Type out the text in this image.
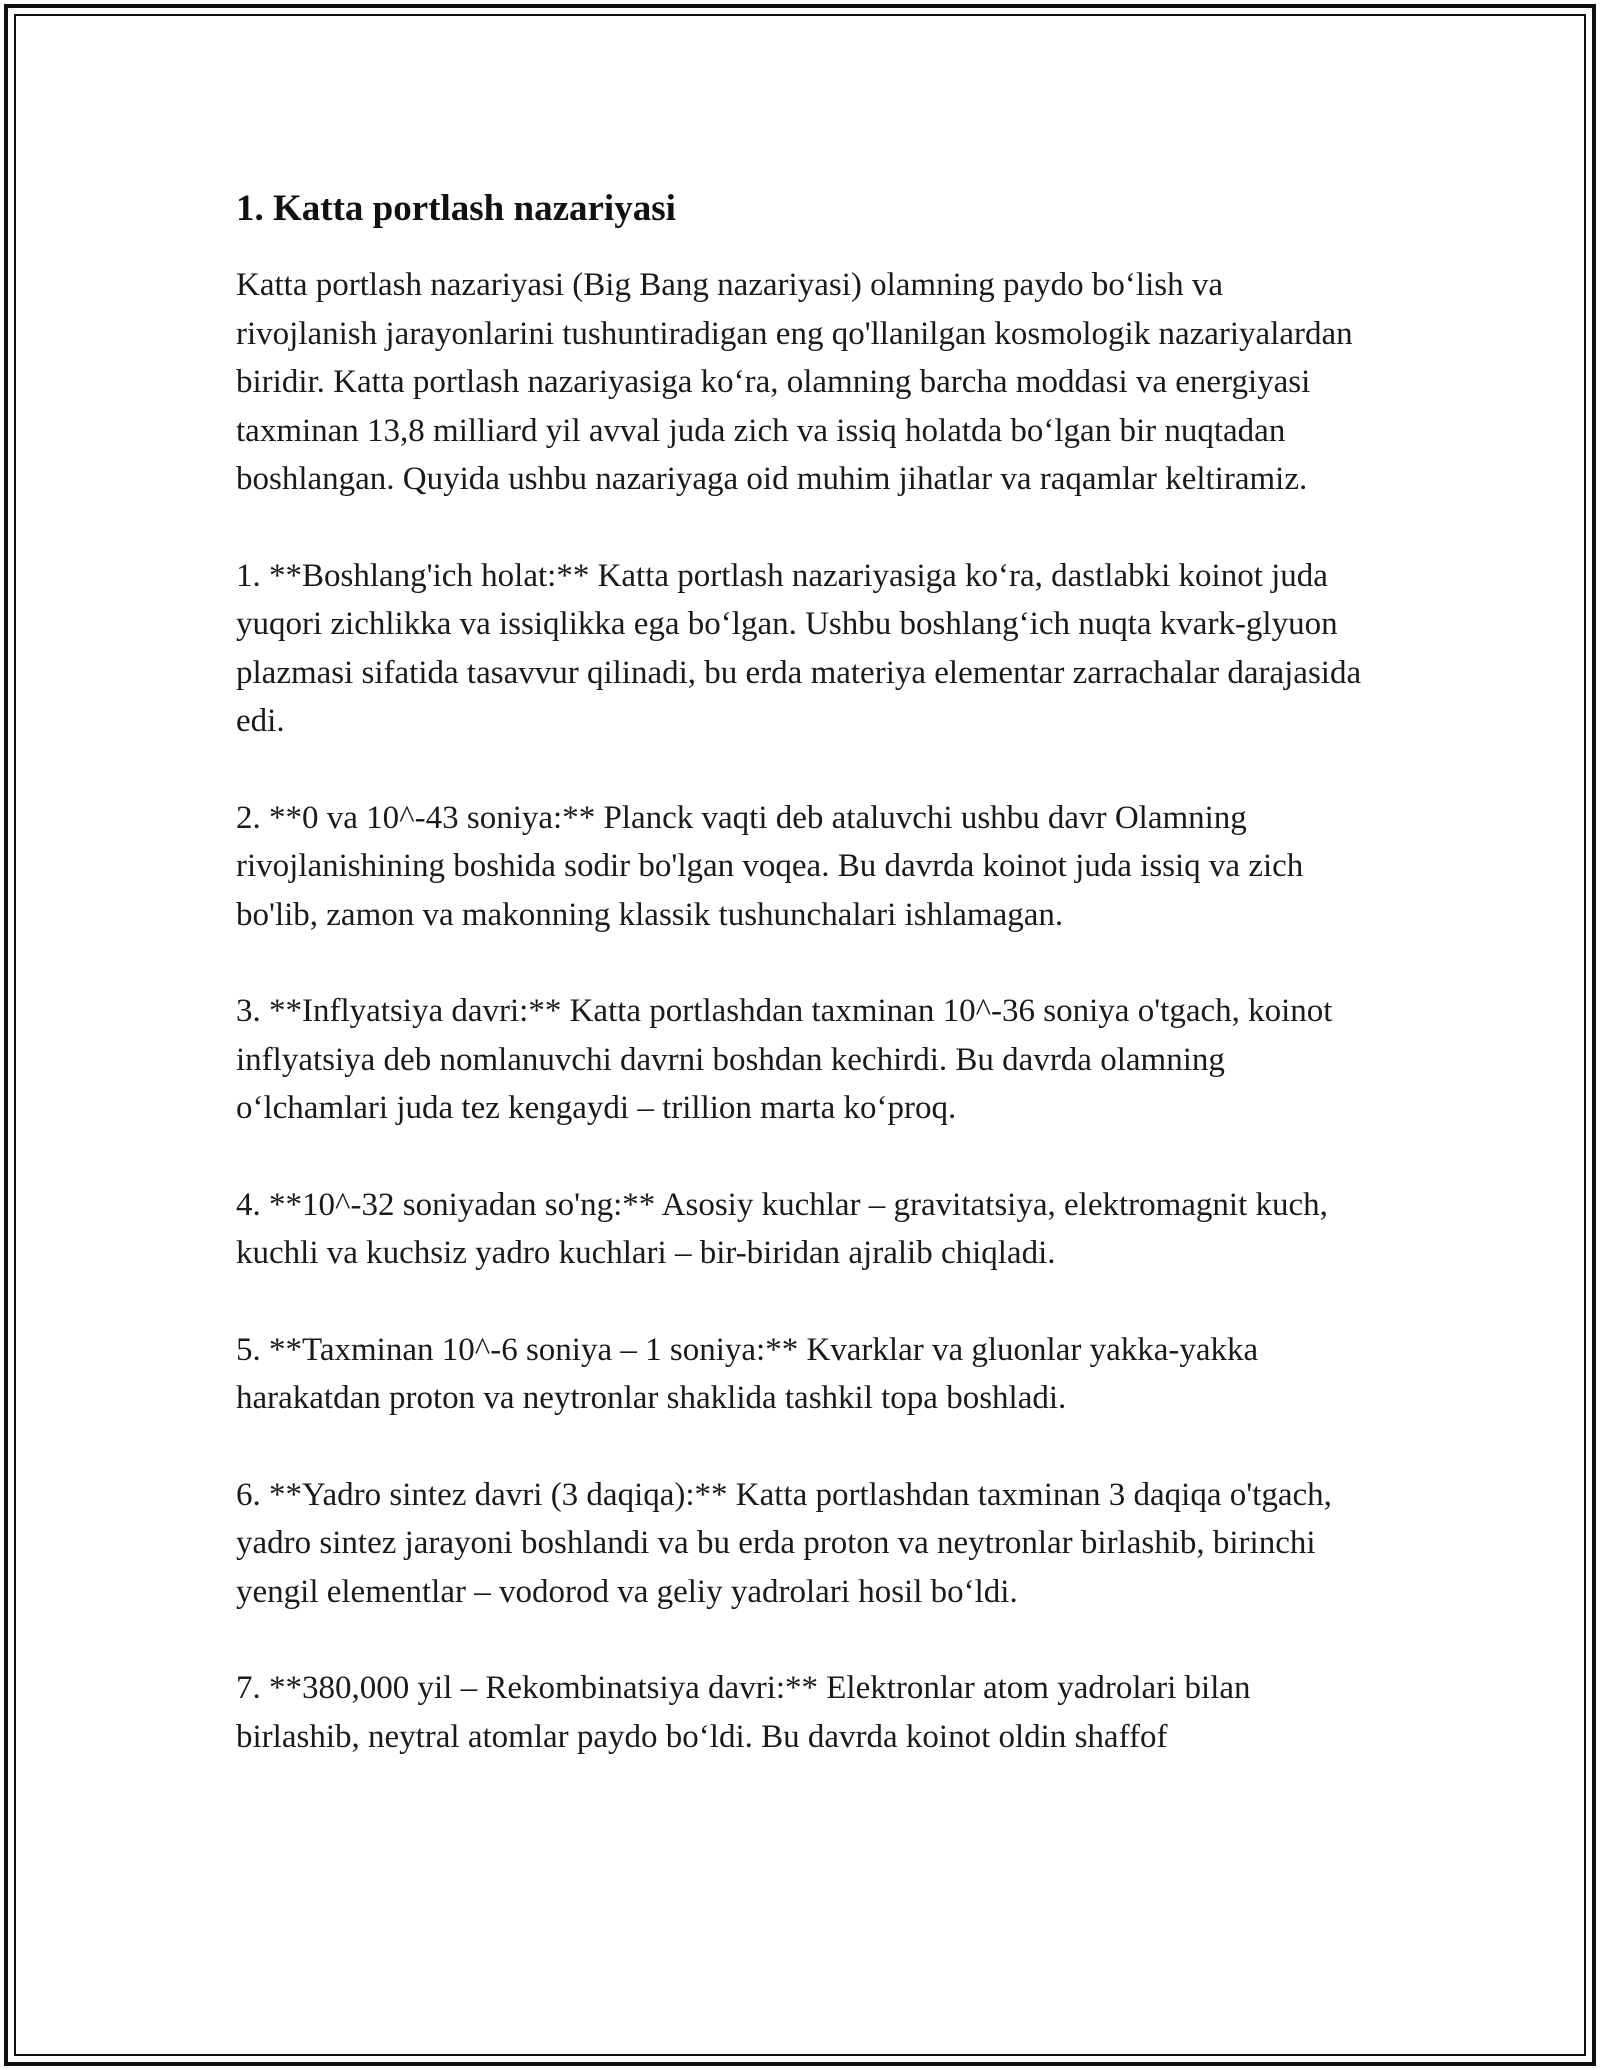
1. Katta portlash nazariyasi

Katta portlash nazariyasi (Big Bang nazariyasi) olamning paydo boʻlish va rivojlanish jarayonlarini tushuntiradigan eng qo'llanilgan kosmologik nazariyalardan biridir. Katta portlash nazariyasiga koʻra, olamning barcha moddasi va energiyasi taxminan 13,8 milliard yil avval juda zich va issiq holatda boʻlgan bir nuqtadan boshlangan. Quyida ushbu nazariyaga oid muhim jihatlar va raqamlar keltiramiz.

1. **Boshlang'ich holat:** Katta portlash nazariyasiga koʻra, dastlabki koinot juda yuqori zichlikka va issiqlikka ega boʻlgan. Ushbu boshlangʻich nuqta kvark-glyuon plazmasi sifatida tasavvur qilinadi, bu erda materiya elementar zarrachalar darajasida edi.

2. **0 va 10^-43 soniya:** Planck vaqti deb ataluvchi ushbu davr Olamning rivojlanishining boshida sodir bo'lgan voqea. Bu davrda koinot juda issiq va zich bo'lib, zamon va makonning klassik tushunchalari ishlamagan.

3. **Inflyatsiya davri:** Katta portlashdan taxminan 10^-36 soniya o'tgach, koinot inflyatsiya deb nomlanuvchi davrni boshdan kechirdi. Bu davrda olamning oʻlchamlari juda tez kengaydi – trillion marta koʻproq.

4. **10^-32 soniyadan so'ng:** Asosiy kuchlar – gravitatsiya, elektromagnit kuch, kuchli va kuchsiz yadro kuchlari – bir-biridan ajralib chiqladi.

5. **Taxminan 10^-6 soniya – 1 soniya:** Kvarklar va gluonlar yakka-yakka harakatdan proton va neytronlar shaklida tashkil topa boshladi.

6. **Yadro sintez davri (3 daqiqa):** Katta portlashdan taxminan 3 daqiqa o'tgach, yadro sintez jarayoni boshlandi va bu erda proton va neytronlar birlashib, birinchi yengil elementlar – vodorod va geliy yadrolari hosil boʻldi.

7. **380,000 yil – Rekombinatsiya davri:** Elektronlar atom yadrolari bilan birlashib, neytral atomlar paydo boʻldi. Bu davrda koinot oldin shaffof
